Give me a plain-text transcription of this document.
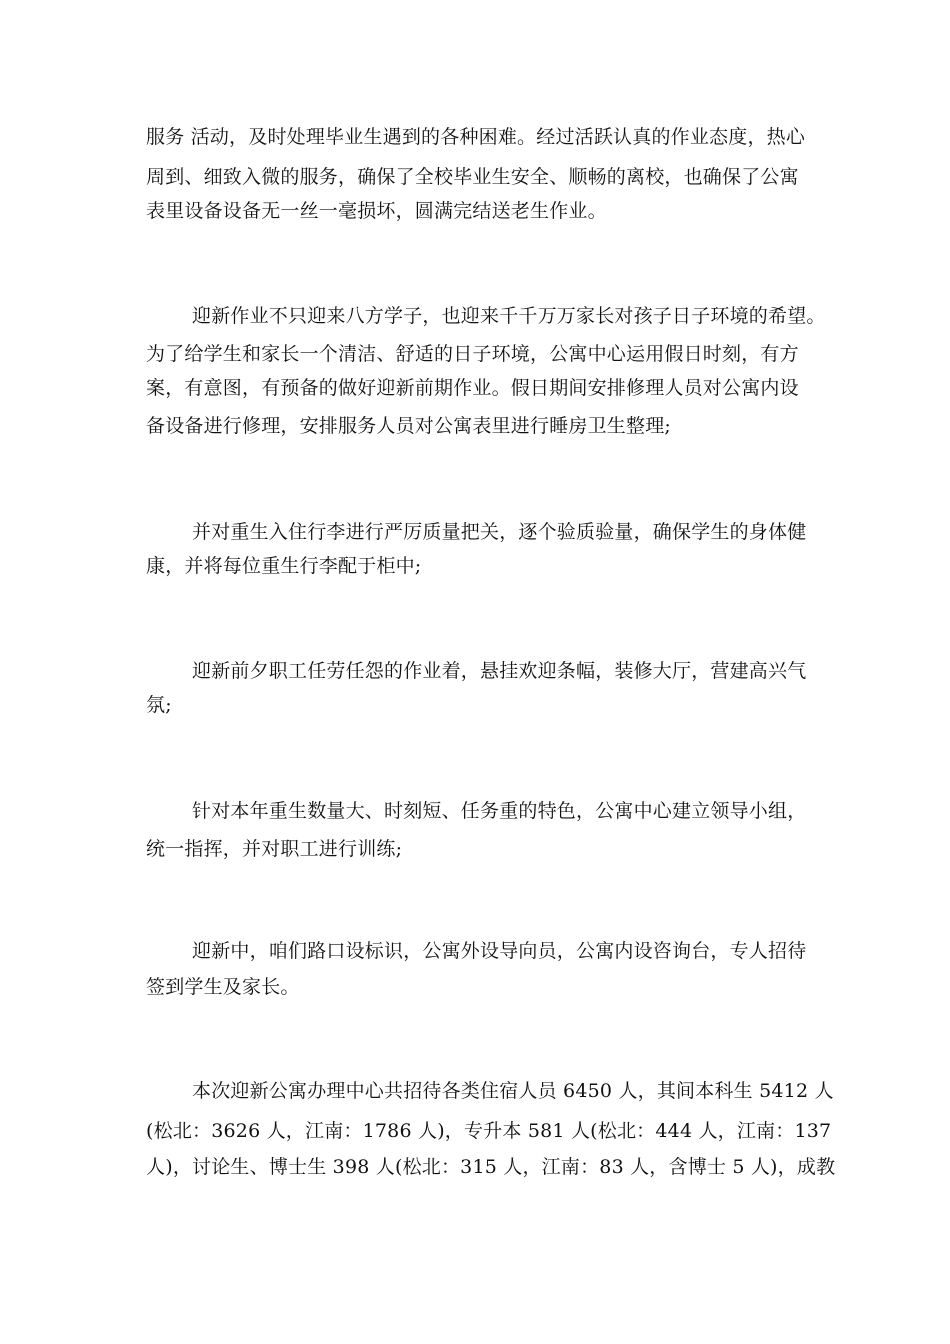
服务 活动，及时处理毕业生遇到的各种困难。经过活跃认真的作业态度，热心
周到、细致入微的服务，确保了全校毕业生安全、顺畅的离校，也确保了公寓
表里设备设备无一丝一毫损坏，圆满完结送老生作业。
迎新作业不只迎来八方学子，也迎来千千万万家长对孩子日子环境的希望。
为了给学生和家长一个清洁、舒适的日子环境，公寓中心运用假日时刻，有方
案，有意图，有预备的做好迎新前期作业。假日期间安排修理人员对公寓内设
备设备进行修理，安排服务人员对公寓表里进行睡房卫生整理;
并对重生入住行李进行严厉质量把关，逐个验质验量，确保学生的身体健
康，并将每位重生行李配于柜中;
迎新前夕职工任劳任怨的作业着，悬挂欢迎条幅，装修大厅，营建高兴气
氛;
针对本年重生数量大、时刻短、任务重的特色，公寓中心建立领导小组，
统一指挥，并对职工进行训练;
迎新中，咱们路口设标识，公寓外设导向员，公寓内设咨询台，专人招待
签到学生及家长。
本次迎新公寓办理中心共招待各类住宿人员 6450 人，其间本科生 5412 人
(松北：3626 人，江南：1786 人)，专升本 581 人(松北：444 人，江南：137
人)，讨论生、博士生 398 人(松北：315 人，江南：83 人，含博士 5 人)，成教
